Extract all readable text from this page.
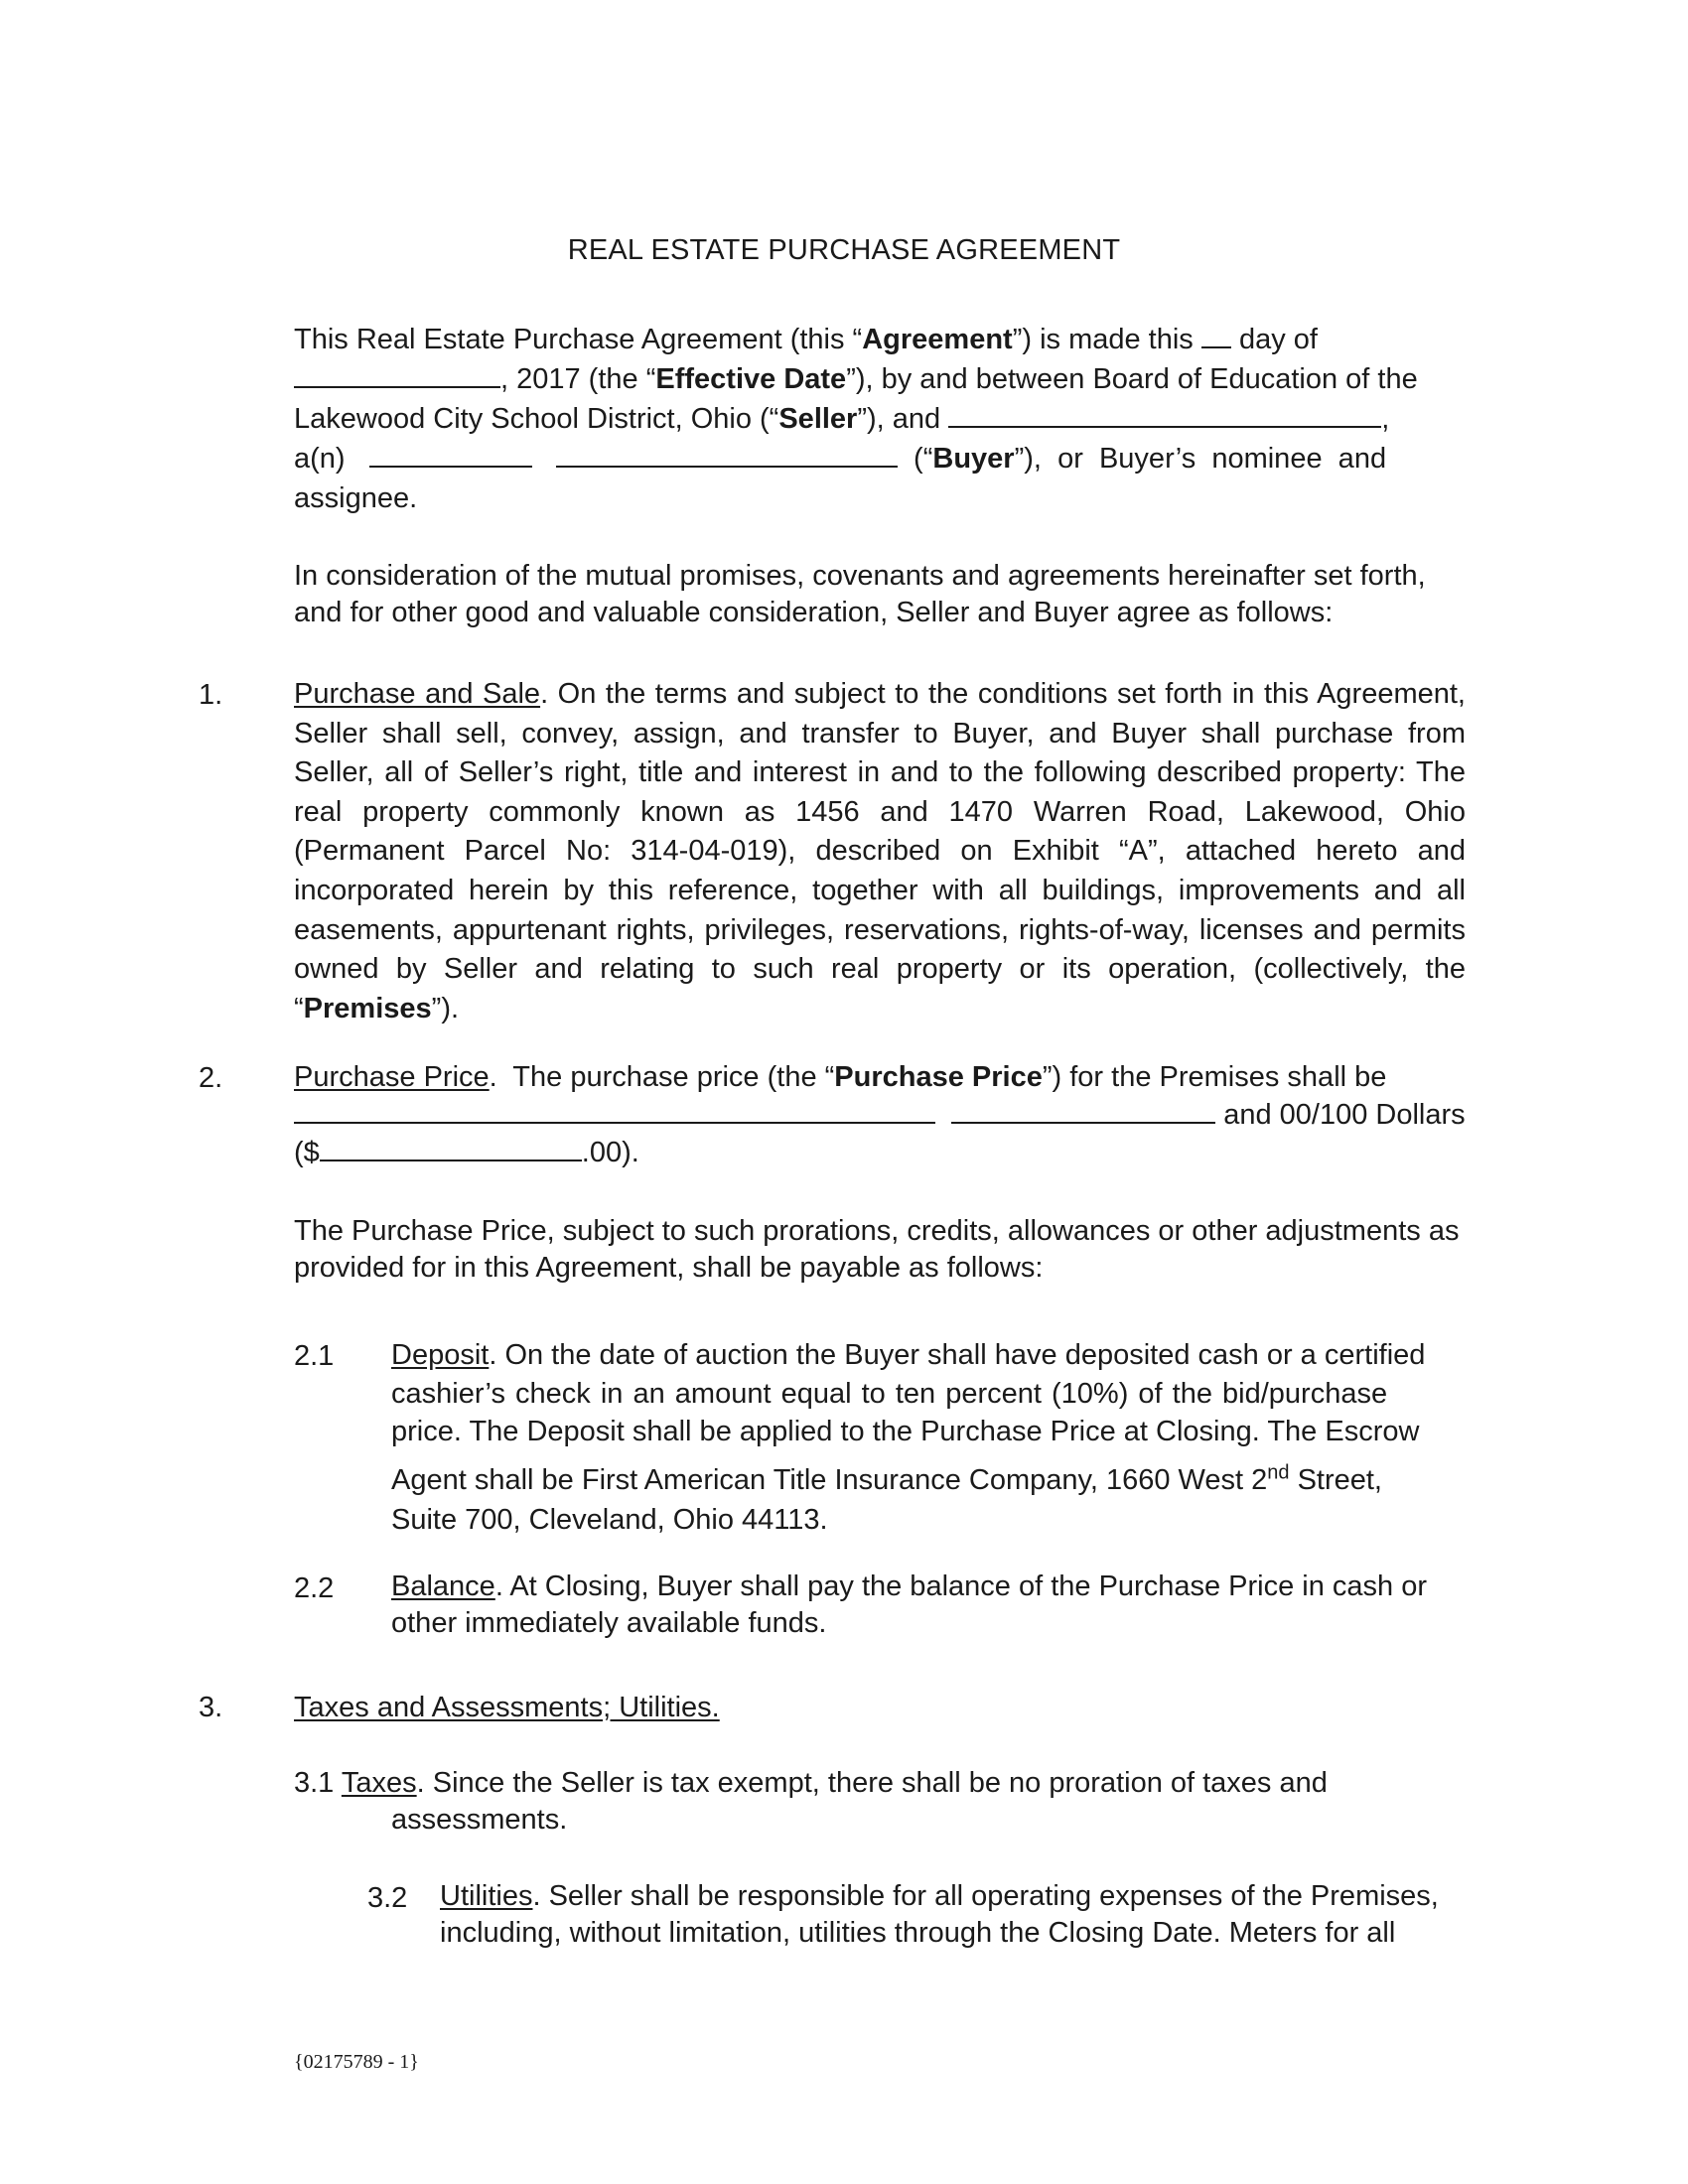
REAL ESTATE PURCHASE AGREEMENT
This Real Estate Purchase Agreement (this “Agreement”) is made this day of
, 2017 (the “Effective Date”), by and between Board of Education of the
Lakewood City School District, Ohio (“Seller”), and	,
a(n)	(“Buyer”),  or  Buyer’s  nominee  and
assignee.
In consideration of the mutual promises, covenants and agreements hereinafter set forth, and for other good and valuable consideration, Seller and Buyer agree as follows:
1. Purchase and Sale. On the terms and subject to the conditions set forth in this Agreement, Seller shall sell, convey, assign, and transfer to Buyer, and Buyer shall purchase from Seller, all of Seller’s right, title and interest in and to the following described property: The real property commonly known as 1456 and 1470 Warren Road, Lakewood, Ohio (Permanent Parcel No: 314-04-019), described on Exhibit “A”, attached hereto and incorporated herein by this reference, together with all buildings, improvements and all easements, appurtenant rights, privileges, reservations, rights-of-way, licenses and permits owned by Seller and relating to such real property or its operation, (collectively, the “Premises”).
2. Purchase Price.  The purchase price (the “Purchase Price”) for the Premises shall be
and 00/100 Dollars
($	.00).
The Purchase Price, subject to such prorations, credits, allowances or other adjustments as provided for in this Agreement, shall be payable as follows:
2.1 Deposit. On the date of auction the Buyer shall have deposited cash or a certified
cashier’s check in an amount equal to ten percent (10%) of the bid/purchase
price. The Deposit shall be applied to the Purchase Price at Closing. The Escrow
Agent shall be First American Title Insurance Company, 1660 West 2nd Street,
Suite 700, Cleveland, Ohio 44113.
2.2 Balance. At Closing, Buyer shall pay the balance of the Purchase Price in cash or
other immediately available funds.
3. Taxes and Assessments; Utilities.
3.1 Taxes. Since the Seller is tax exempt, there shall be no proration of taxes and
assessments.
3.2 Utilities. Seller shall be responsible for all operating expenses of the Premises,
including, without limitation, utilities through the Closing Date. Meters for all
{02175789 - 1}
